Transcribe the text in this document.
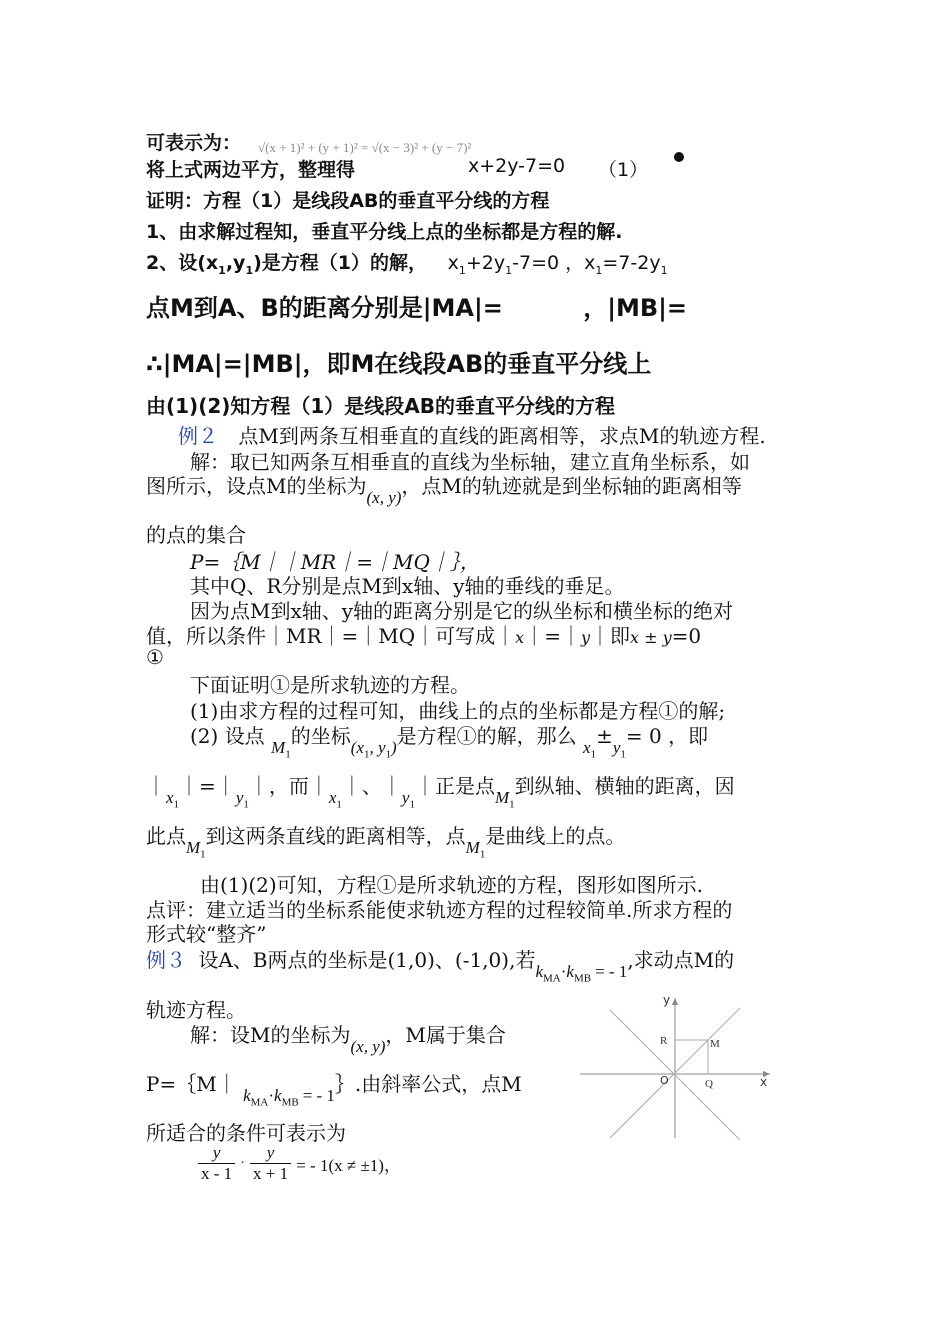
可表示为： √(x + 1)² + (y + 1)² = √(x − 3)² + (y − 7)²
将上式两边平方，整理得	x+2y-7=0 （1）
证明：方程（1）是线段AB的垂直平分线的方程
1、由求解过程知，垂直平分线上点的坐标都是方程的解.
2、设$(x_1,y_1)$是方程（1）的解， $x_1+2y_1-7=0$ ，$x_1=7-2y_1$
点M到A、B的距离分别是|MA|=	，|MB|=
∴|MA|=|MB|，即M在线段AB的垂直平分线上
由(1)(2)知方程（1）是线段AB的垂直平分线的方程
例２ 点M到两条互相垂直的直线的距离相等，求点M的轨迹方程.
解：取已知两条互相垂直的直线为坐标轴，建立直角坐标系，如
图所示，设点M的坐标为$_{(x, y)}$，点M的轨迹就是到坐标轴的距离相等
的点的集合
P=｛M｜｜MR｜=｜MQ｜｝，
其中Q、R分别是点M到x轴、y轴的垂线的垂足。
因为点M到x轴、y轴的距离分别是它的纵坐标和横坐标的绝对
值，所以条件｜MR｜=｜MQ｜可写成｜x｜=｜y｜即x ± y=0
①
下面证明①是所求轨迹的方程。
(1)由求方程的过程可知，曲线上的点的坐标都是方程①的解;
(2) 设点 $_{M_1}$的坐标$_{(x_1, y_1)}$是方程①的解，那么 $_{x_1}\pm_{y_1}= 0$ ，即
$|_{x_1}|=|_{y_1}|$，而$|_{x_1}|$、$|_{y_1}|$正是点$_{M_1}$到纵轴、横轴的距离，因
此点$_{M_1}$到这两条直线的距离相等，点$_{M_1}$是曲线上的点。
由(1)(2)可知，方程①是所求轨迹的方程，图形如图所示.
点评：建立适当的坐标系能使求轨迹方程的过程较简单.所求方程的
形式较“整齐”
例３ 设A、B两点的坐标是(1,0)、(-1,0),若$_{k_{MA}\cdot k_{MB} = - 1}$,求动点M的
轨迹方程。
解：设M的坐标为$_{(x, y)}$，M属于集合
P=｛M｜ $_{k_{MA}\cdot k_{MB} = - 1}$｝.由斜率公式，点M
所适合的条件可表示为
$\frac{y}{x - 1} \cdot \frac{y}{x + 1}$ = - 1(x ≠ ±1)，
y
x
O
R	M
Q
